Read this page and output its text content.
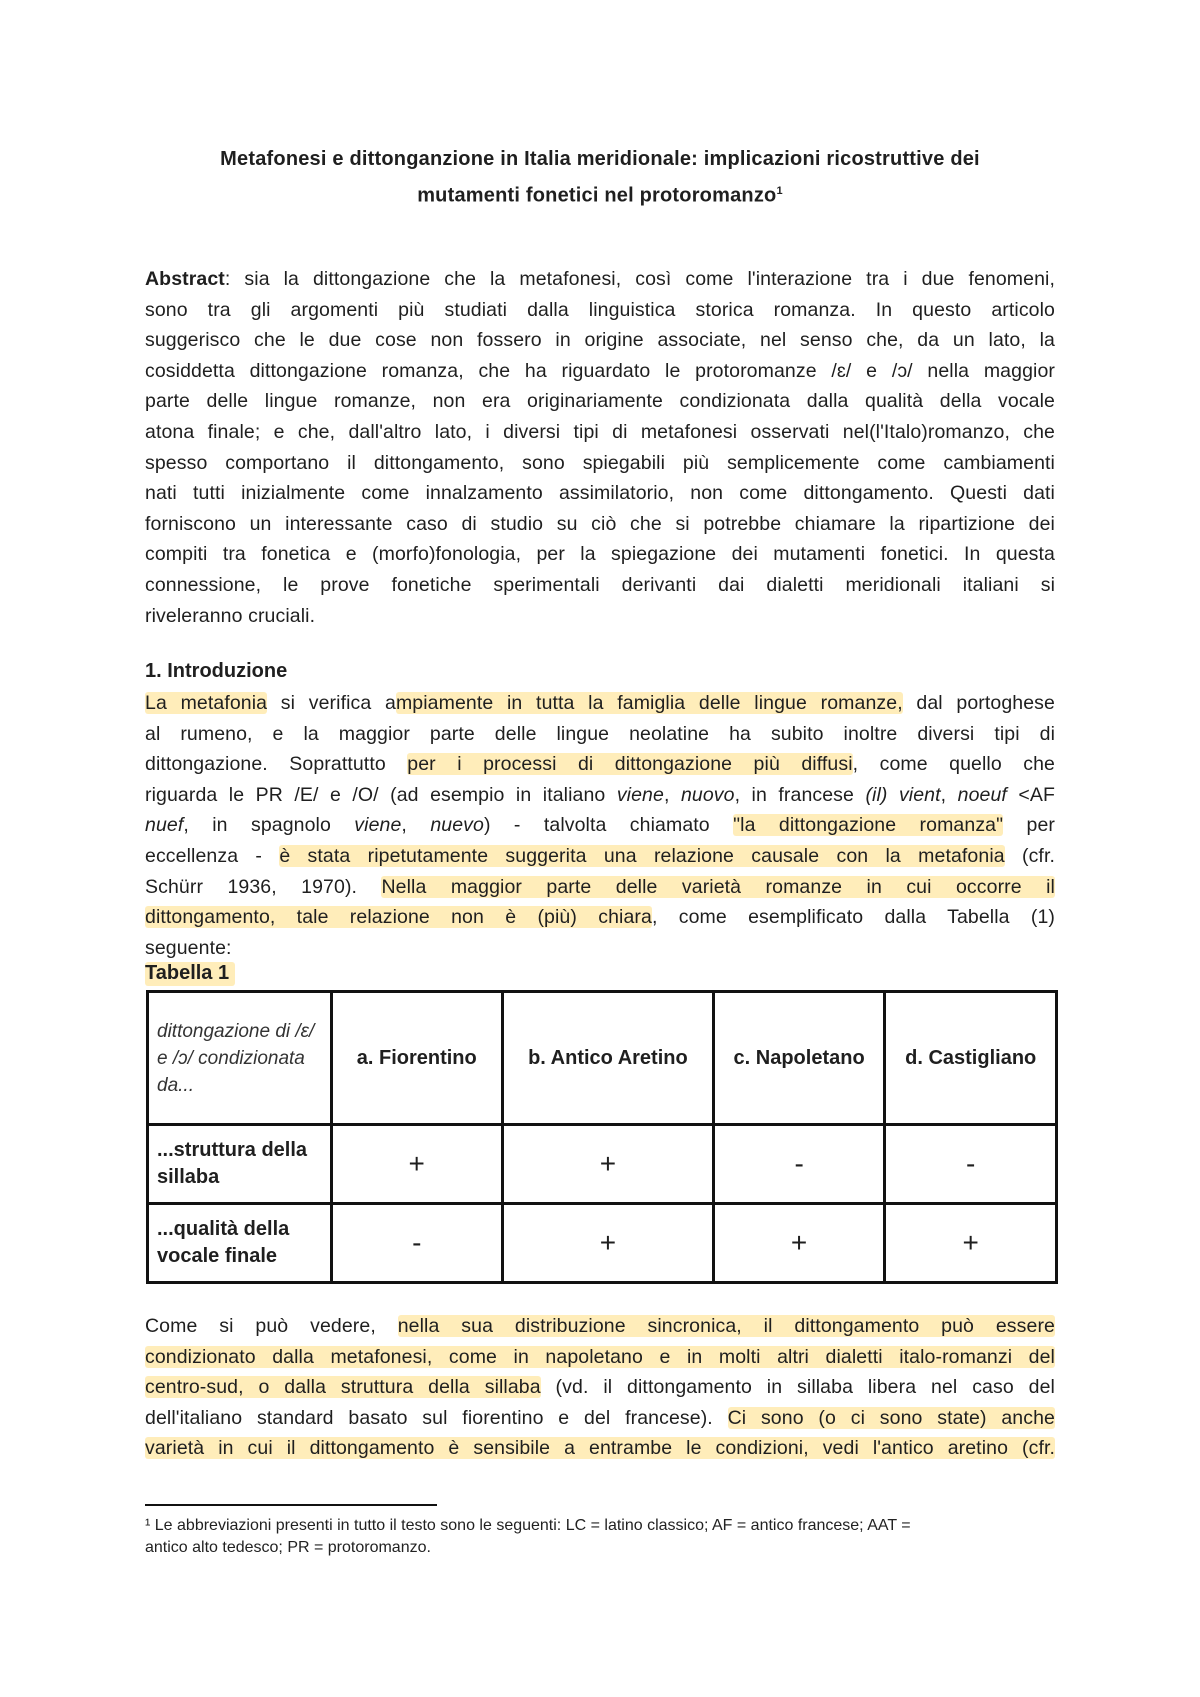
Metafonesi e dittonganzione in Italia meridionale: implicazioni ricostruttive dei
mutamenti fonetici nel protoromanzo$^1$
Abstract: sia la dittongazione che la metafonesi, così come l'interazione tra i due fenomeni,
sono tra gli argomenti più studiati dalla linguistica storica romanza. In questo articolo
suggerisco che le due cose non fossero in origine associate, nel senso che, da un lato, la
cosiddetta dittongazione romanza, che ha riguardato le protoromanze /ɛ/ e /ɔ/ nella maggior
parte delle lingue romanze, non era originariamente condizionata dalla qualità della vocale
atona finale; e che, dall'altro lato, i diversi tipi di metafonesi osservati nel(l'Italo)romanzo, che
spesso comportano il dittongamento, sono spiegabili più semplicemente come cambiamenti
nati tutti inizialmente come innalzamento assimilatorio, non come dittongamento. Questi dati
forniscono un interessante caso di studio su ciò che si potrebbe chiamare la ripartizione dei
compiti tra fonetica e (morfo)fonologia, per la spiegazione dei mutamenti fonetici. In questa
connessione, le prove fonetiche sperimentali derivanti dai dialetti meridionali italiani si
riveleranno cruciali.
1. Introduzione
La metafonia si verifica ampiamente in tutta la famiglia delle lingue romanze, dal portoghese
al rumeno, e la maggior parte delle lingue neolatine ha subito inoltre diversi tipi di
dittongazione. Soprattutto per i processi di dittongazione più diffusi, come quello che
riguarda le PR /E/ e /O/ (ad esempio in italiano viene, nuovo, in francese (il) vient, noeuf <AF
nuef, in spagnolo viene, nuevo) - talvolta chiamato "la dittongazione romanza" per
eccellenza - è stata ripetutamente suggerita una relazione causale con la metafonia (cfr.
Schürr 1936, 1970). Nella maggior parte delle varietà romanze in cui occorre il
dittongamento, tale relazione non è (più) chiara, come esemplificato dalla Tabella (1)
seguente:
Tabella 1
dittongazione di /ɛ/ e /ɔ/ condizionata da...	a. Fiorentino	b. Antico Aretino	c. Napoletano	d. Castigliano
...struttura della sillaba	+	+	-	-
...qualità della vocale finale	-	+	+	+
Come si può vedere, nella sua distribuzione sincronica, il dittongamento può essere
condizionato dalla metafonesi, come in napoletano e in molti altri dialetti italo-romanzi del
centro-sud, o dalla struttura della sillaba (vd. il dittongamento in sillaba libera nel caso del
dell'italiano standard basato sul fiorentino e del francese). Ci sono (o ci sono state) anche
varietà in cui il dittongamento è sensibile a entrambe le condizioni, vedi l'antico aretino (cfr.
¹ Le abbreviazioni presenti in tutto il testo sono le seguenti: LC = latino classico; AF = antico francese; AAT =
antico alto tedesco; PR = protoromanzo.
